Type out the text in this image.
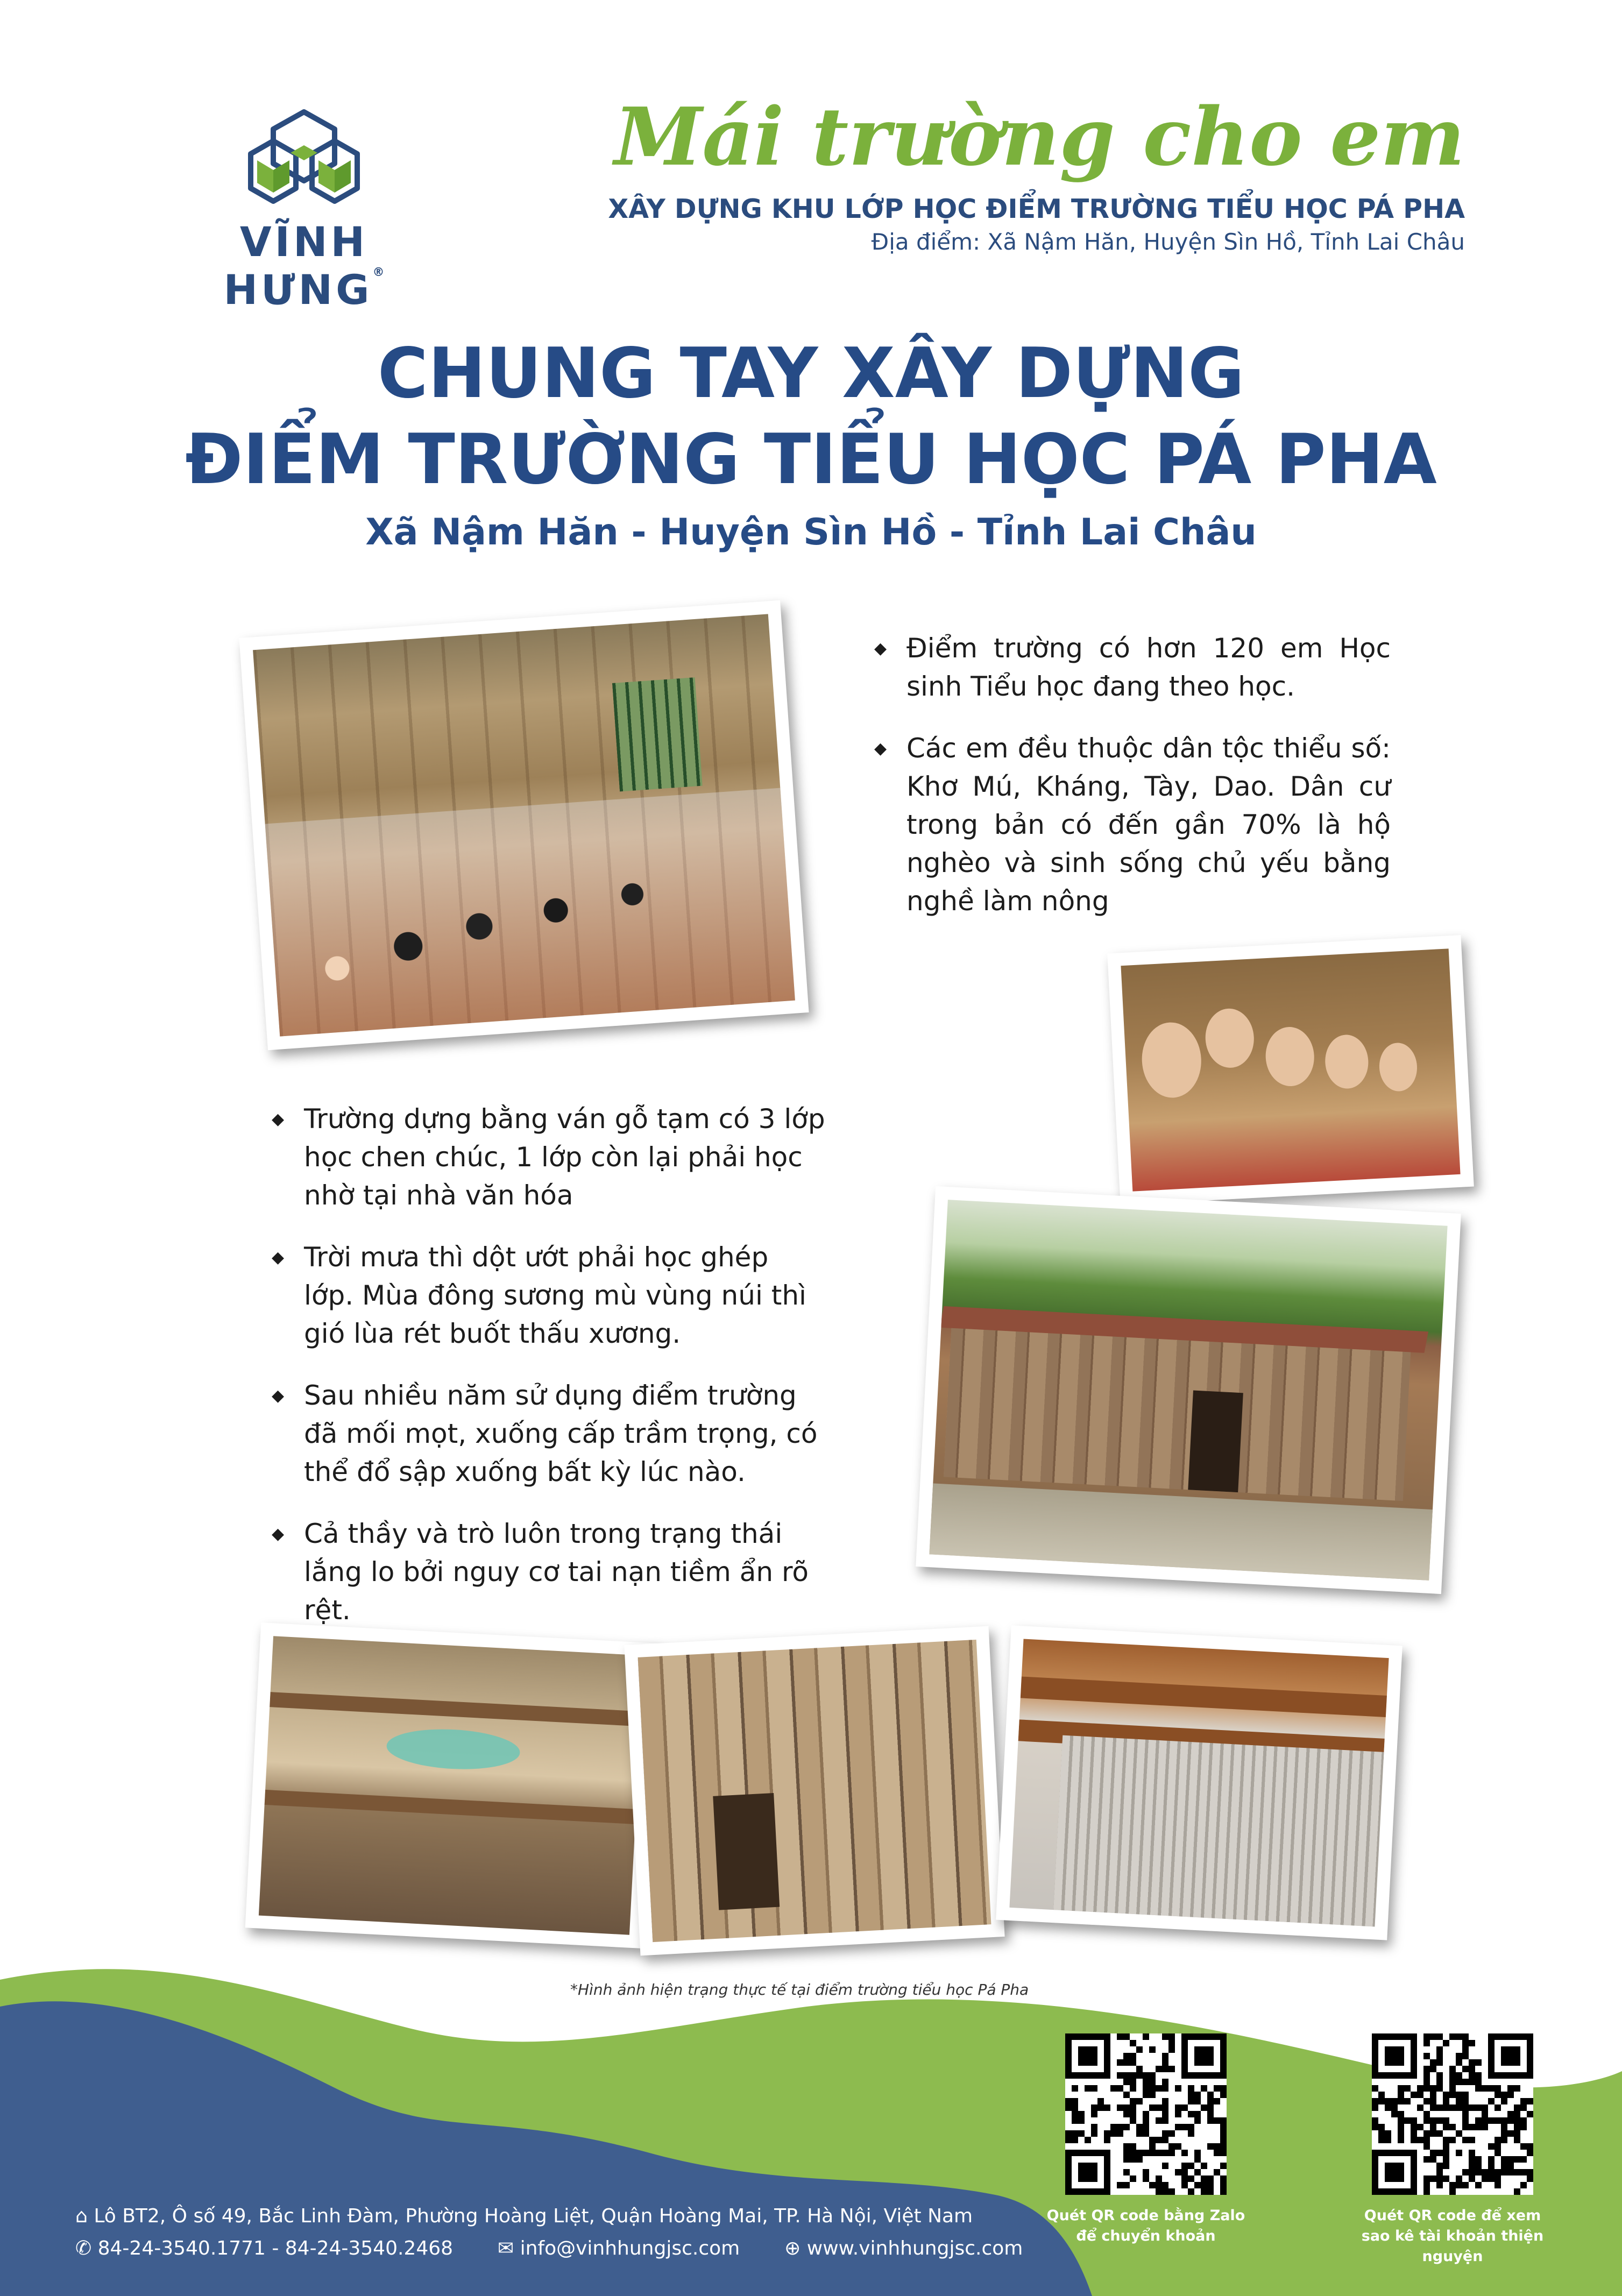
VĨNH HƯNG®
Mái trường cho em
XÂY DỰNG KHU LỚP HỌC ĐIỂM TRƯỜNG TIỂU HỌC PÁ PHA
Địa điểm: Xã Nậm Hăn, Huyện Sìn Hồ, Tỉnh Lai Châu
CHUNG TAY XÂY DỰNG
ĐIỂM TRƯỜNG TIỂU HỌC PÁ PHA
Xã Nậm Hăn - Huyện Sìn Hồ - Tỉnh Lai Châu
◆ Điểm trường có hơn 120 em Học sinh Tiểu học đang theo học.
◆ Các em đều thuộc dân tộc thiểu số: Khơ Mú, Kháng, Tày, Dao. Dân cư trong bản có đến gần 70% là hộ nghèo và sinh sống chủ yếu bằng nghề làm nông
◆ Trường dựng bằng ván gỗ tạm có 3 lớp học chen chúc, 1 lớp còn lại phải học nhờ tại nhà văn hóa
◆ Trời mưa thì dột ướt phải học ghép lớp. Mùa đông sương mù vùng núi thì gió lùa rét buốt thấu xương.
◆ Sau nhiều năm sử dụng điểm trường đã mối mọt, xuống cấp trầm trọng, có thể đổ sập xuống bất kỳ lúc nào.
◆ Cả thầy và trò luôn trong trạng thái lắng lo bởi nguy cơ tai nạn tiềm ẩn rõ rệt.
*Hình ảnh hiện trạng thực tế tại điểm trường tiểu học Pá Pha
⌂ Lô BT2, Ô số 49, Bắc Linh Đàm, Phường Hoàng Liệt, Quận Hoàng Mai, TP. Hà Nội, Việt Nam
✆ 84-24-3540.1771 - 84-24-3540.2468 ✉ info@vinhhungjsc.com ⊕ www.vinhhungjsc.com
Quét QR code bằng Zalo
để chuyển khoản
Quét QR code để xem
sao kê tài khoản thiện nguyện
